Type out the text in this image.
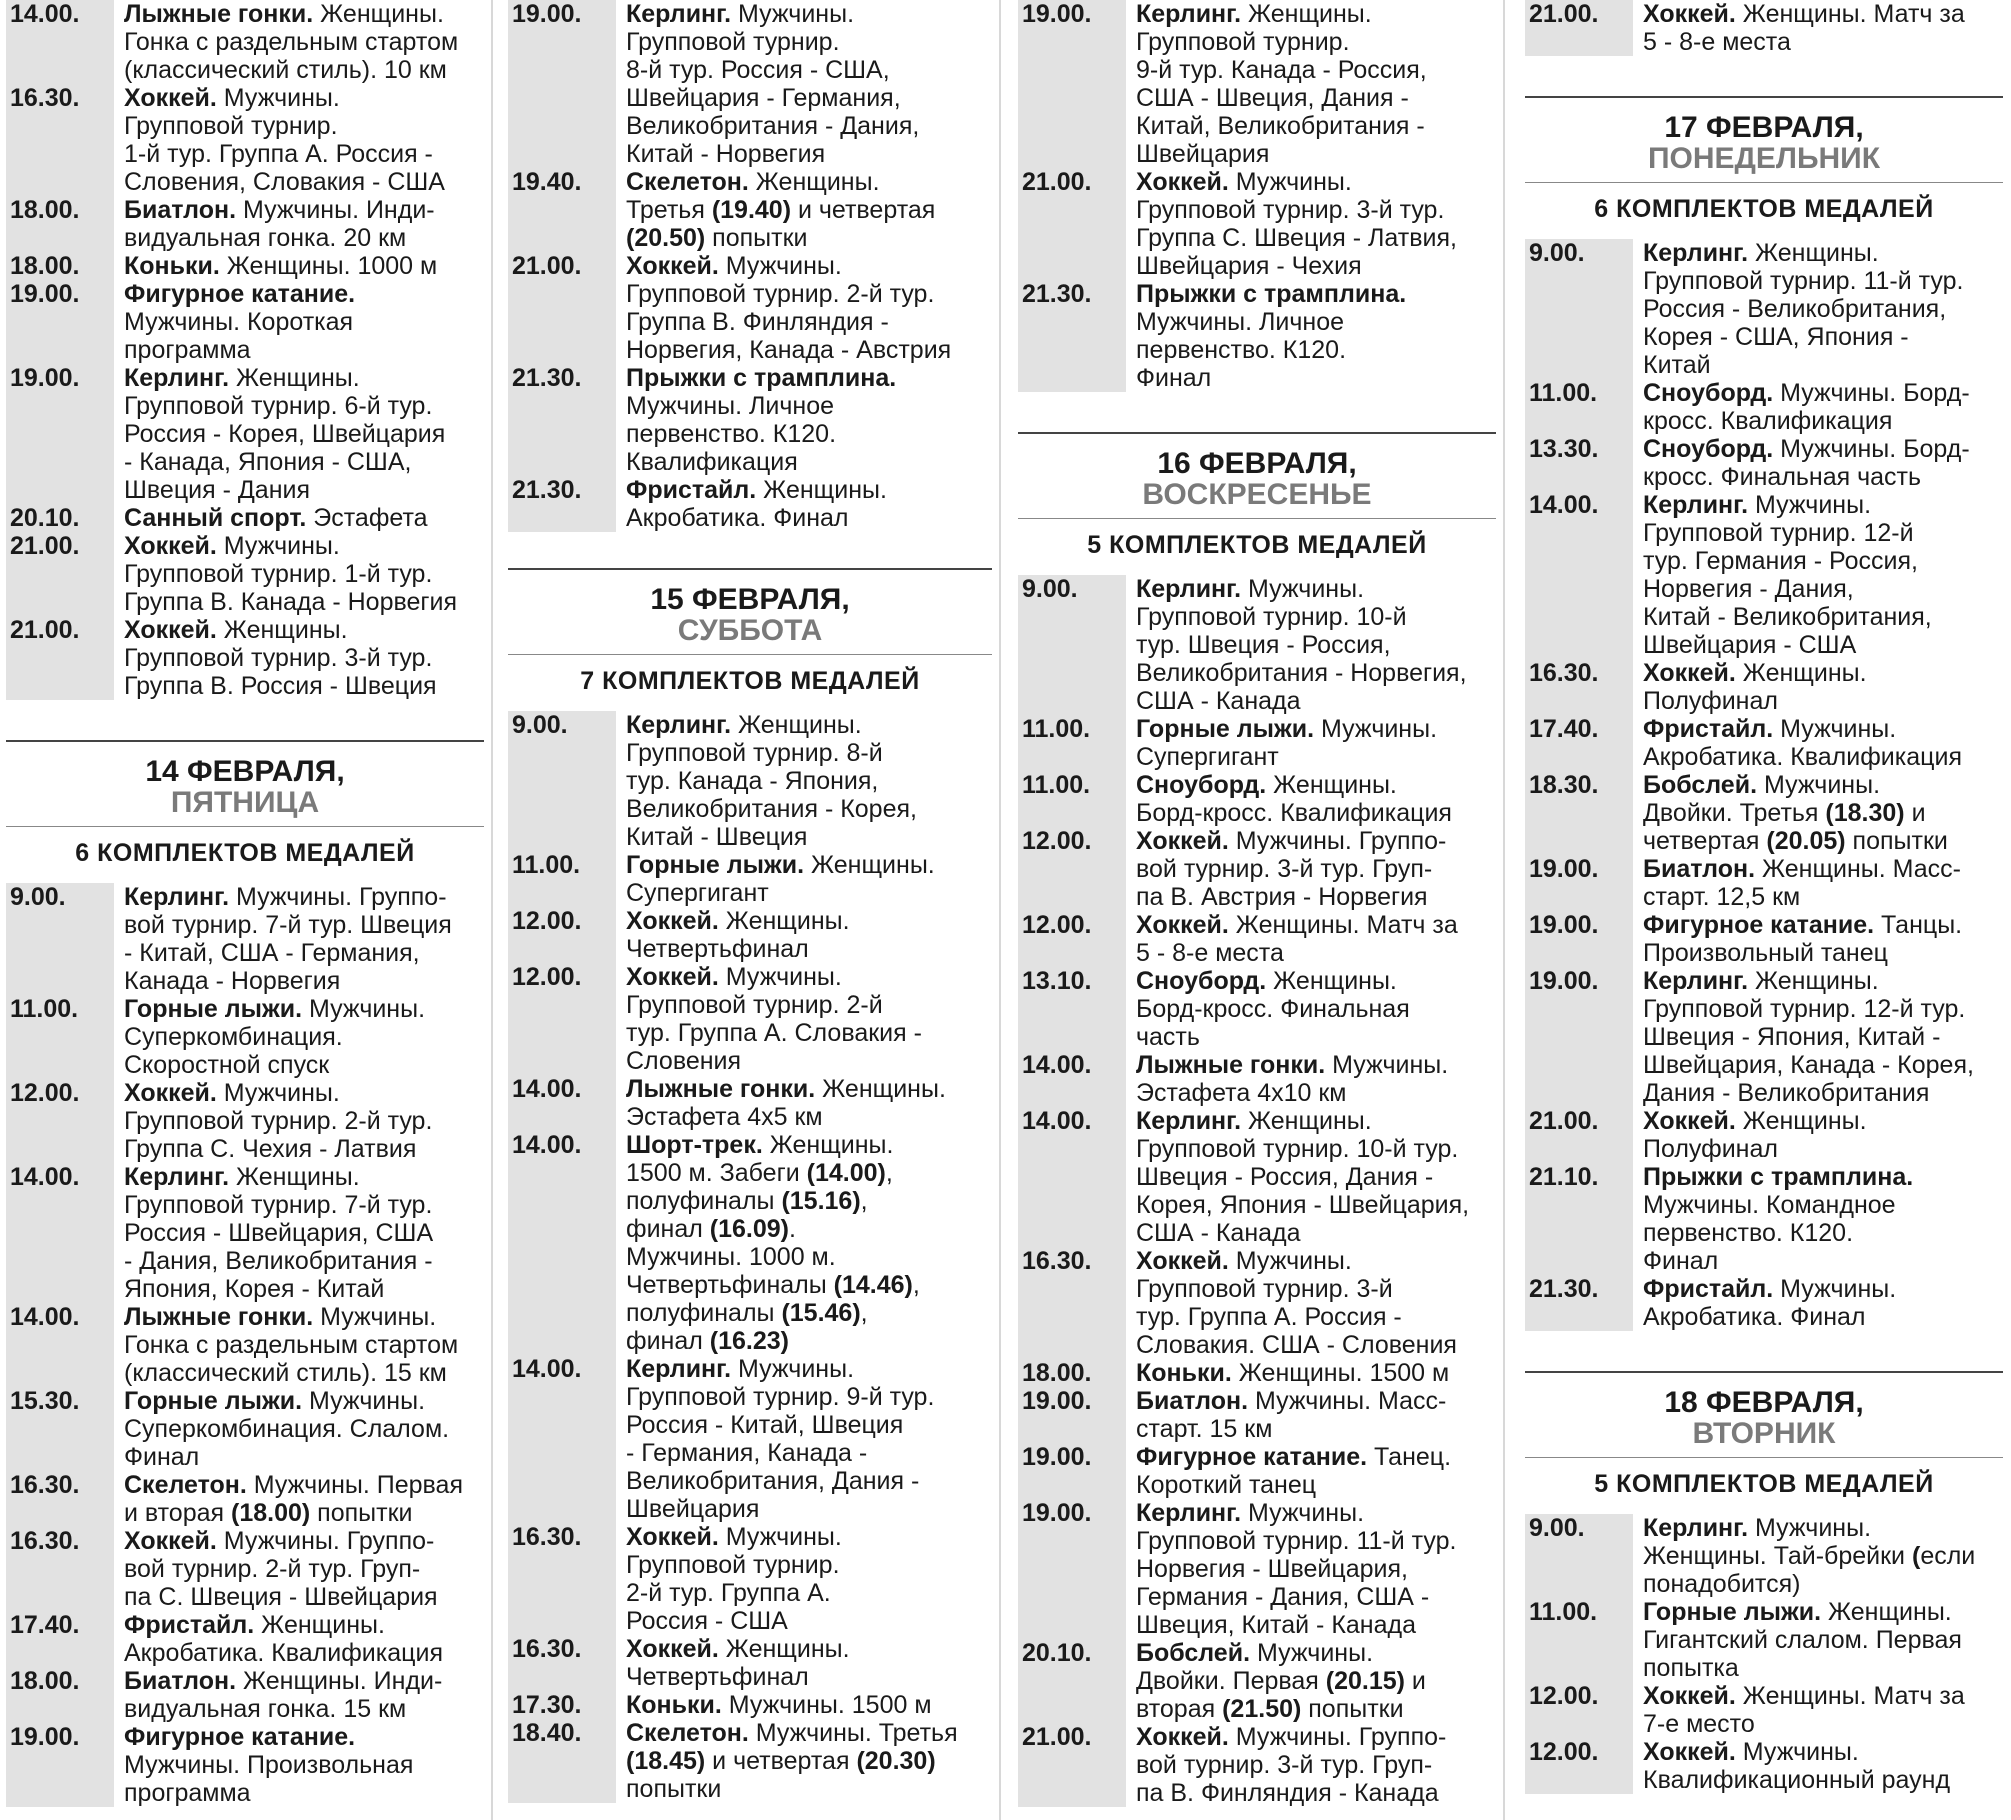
14.00.	Лыжные гонки. Женщины.
Гонка с раздельным стартом
(классический стиль). 10 км
16.30.	Хоккей. Мужчины.
Групповой турнир.
1-й тур. Группа А. Россия -
Словения, Словакия - США
18.00.	Биатлон. Мужчины. Инди-
видуальная гонка. 20 км
18.00.	Коньки. Женщины. 1000 м
19.00.	Фигурное катание.
Мужчины. Короткая
программа
19.00.	Керлинг. Женщины.
Групповой турнир. 6-й тур.
Россия - Корея, Швейцария
- Канада, Япония - США,
Швеция - Дания
20.10.	Санный спорт. Эстафета
21.00.	Хоккей. Мужчины.
Групповой турнир. 1-й тур.
Группа В. Канада - Норвегия
21.00.	Хоккей. Женщины.
Групповой турнир. 3-й тур.
Группа В. Россия - Швеция
14 ФЕВРАЛЯ,
ПЯТНИЦА
6 КОМПЛЕКТОВ МЕДАЛЕЙ
9.00.	Керлинг. Мужчины. Группо-
вой турнир. 7-й тур. Швеция
- Китай, США - Германия,
Канада - Норвегия
11.00.	Горные лыжи. Мужчины.
Суперкомбинация.
Скоростной спуск
12.00.	Хоккей. Мужчины.
Групповой турнир. 2-й тур.
Группа С. Чехия - Латвия
14.00.	Керлинг. Женщины.
Групповой турнир. 7-й тур.
Россия - Швейцария, США
- Дания, Великобритания -
Япония, Корея - Китай
14.00.	Лыжные гонки. Мужчины.
Гонка с раздельным стартом
(классический стиль). 15 км
15.30.	Горные лыжи. Мужчины.
Суперкомбинация. Слалом.
Финал
16.30.	Скелетон. Мужчины. Первая
и вторая (18.00) попытки
16.30.	Хоккей. Мужчины. Группо-
вой турнир. 2-й тур. Груп-
па С. Швеция - Швейцария
17.40.	Фристайл. Женщины.
Акробатика. Квалификация
18.00.	Биатлон. Женщины. Инди-
видуальная гонка. 15 км
19.00.	Фигурное катание.
Мужчины. Произвольная
программа
19.00.	Керлинг. Мужчины.
Групповой турнир.
8-й тур. Россия - США,
Швейцария - Германия,
Великобритания - Дания,
Китай - Норвегия
19.40.	Скелетон. Женщины.
Третья (19.40) и четвертая
(20.50) попытки
21.00.	Хоккей. Мужчины.
Групповой турнир. 2-й тур.
Группа В. Финляндия -
Норвегия, Канада - Австрия
21.30.	Прыжки с трамплина.
Мужчины. Личное
первенство. К120.
Квалификация
21.30.	Фристайл. Женщины.
Акробатика. Финал
15 ФЕВРАЛЯ,
СУББОТА
7 КОМПЛЕКТОВ МЕДАЛЕЙ
9.00.	Керлинг. Женщины.
Групповой турнир. 8-й
тур. Канада - Япония,
Великобритания - Корея,
Китай - Швеция
11.00.	Горные лыжи. Женщины.
Супергигант
12.00.	Хоккей. Женщины.
Четвертьфинал
12.00.	Хоккей. Мужчины.
Групповой турнир. 2-й
тур. Группа А. Словакия -
Словения
14.00.	Лыжные гонки. Женщины.
Эстафета 4х5 км
14.00.	Шорт-трек. Женщины.
1500 м. Забеги (14.00),
полуфиналы (15.16),
финал (16.09).
Мужчины. 1000 м.
Четвертьфиналы (14.46),
полуфиналы (15.46),
финал (16.23)
14.00.	Керлинг. Мужчины.
Групповой турнир. 9-й тур.
Россия - Китай, Швеция
- Германия, Канада -
Великобритания, Дания -
Швейцария
16.30.	Хоккей. Мужчины.
Групповой турнир.
2-й тур. Группа А.
Россия - США
16.30.	Хоккей. Женщины.
Четвертьфинал
17.30.	Коньки. Мужчины. 1500 м
18.40.	Скелетон. Мужчины. Третья
(18.45) и четвертая (20.30)
попытки
19.00.	Керлинг. Женщины.
Групповой турнир.
9-й тур. Канада - Россия,
США - Швеция, Дания -
Китай, Великобритания -
Швейцария
21.00.	Хоккей. Мужчины.
Групповой турнир. 3-й тур.
Группа С. Швеция - Латвия,
Швейцария - Чехия
21.30.	Прыжки с трамплина.
Мужчины. Личное
первенство. К120.
Финал
16 ФЕВРАЛЯ,
ВОСКРЕСЕНЬЕ
5 КОМПЛЕКТОВ МЕДАЛЕЙ
9.00.	Керлинг. Мужчины.
Групповой турнир. 10-й
тур. Швеция - Россия,
Великобритания - Норвегия,
США - Канада
11.00.	Горные лыжи. Мужчины.
Супергигант
11.00.	Сноуборд. Женщины.
Борд-кросс. Квалификация
12.00.	Хоккей. Мужчины. Группо-
вой турнир. 3-й тур. Груп-
па В. Австрия - Норвегия
12.00.	Хоккей. Женщины. Матч за
5 - 8-е места
13.10.	Сноуборд. Женщины.
Борд-кросс. Финальная
часть
14.00.	Лыжные гонки. Мужчины.
Эстафета 4х10 км
14.00.	Керлинг. Женщины.
Групповой турнир. 10-й тур.
Швеция - Россия, Дания -
Корея, Япония - Швейцария,
США - Канада
16.30.	Хоккей. Мужчины.
Групповой турнир. 3-й
тур. Группа А. Россия -
Словакия. США - Словения
18.00.	Коньки. Женщины. 1500 м
19.00.	Биатлон. Мужчины. Масс-
старт. 15 км
19.00.	Фигурное катание. Танец.
Короткий танец
19.00.	Керлинг. Мужчины.
Групповой турнир. 11-й тур.
Норвегия - Швейцария,
Германия - Дания, США -
Швеция, Китай - Канада
20.10.	Бобслей. Мужчины.
Двойки. Первая (20.15) и
вторая (21.50) попытки
21.00.	Хоккей. Мужчины. Группо-
вой турнир. 3-й тур. Груп-
па В. Финляндия - Канада
21.00.	Хоккей. Женщины. Матч за
5 - 8-е места
17 ФЕВРАЛЯ,
ПОНЕДЕЛЬНИК
6 КОМПЛЕКТОВ МЕДАЛЕЙ
9.00.	Керлинг. Женщины.
Групповой турнир. 11-й тур.
Россия - Великобритания,
Корея - США, Япония -
Китай
11.00.	Сноуборд. Мужчины. Борд-
кросс. Квалификация
13.30.	Сноуборд. Мужчины. Борд-
кросс. Финальная часть
14.00.	Керлинг. Мужчины.
Групповой турнир. 12-й
тур. Германия - Россия,
Норвегия - Дания,
Китай - Великобритания,
Швейцария - США
16.30.	Хоккей. Женщины.
Полуфинал
17.40.	Фристайл. Мужчины.
Акробатика. Квалификация
18.30.	Бобслей. Мужчины.
Двойки. Третья (18.30) и
четвертая (20.05) попытки
19.00.	Биатлон. Женщины. Масс-
старт. 12,5 км
19.00.	Фигурное катание. Танцы.
Произвольный танец
19.00.	Керлинг. Женщины.
Групповой турнир. 12-й тур.
Швеция - Япония, Китай -
Швейцария, Канада - Корея,
Дания - Великобритания
21.00.	Хоккей. Женщины.
Полуфинал
21.10.	Прыжки с трамплина.
Мужчины. Командное
первенство. К120.
Финал
21.30.	Фристайл. Мужчины.
Акробатика. Финал
18 ФЕВРАЛЯ,
ВТОРНИК
5 КОМПЛЕКТОВ МЕДАЛЕЙ
9.00.	Керлинг. Мужчины.
Женщины. Тай-брейки (если
понадобится)
11.00.	Горные лыжи. Женщины.
Гигантский слалом. Первая
попытка
12.00.	Хоккей. Женщины. Матч за
7-е место
12.00.	Хоккей. Мужчины.
Квалификационный раунд
